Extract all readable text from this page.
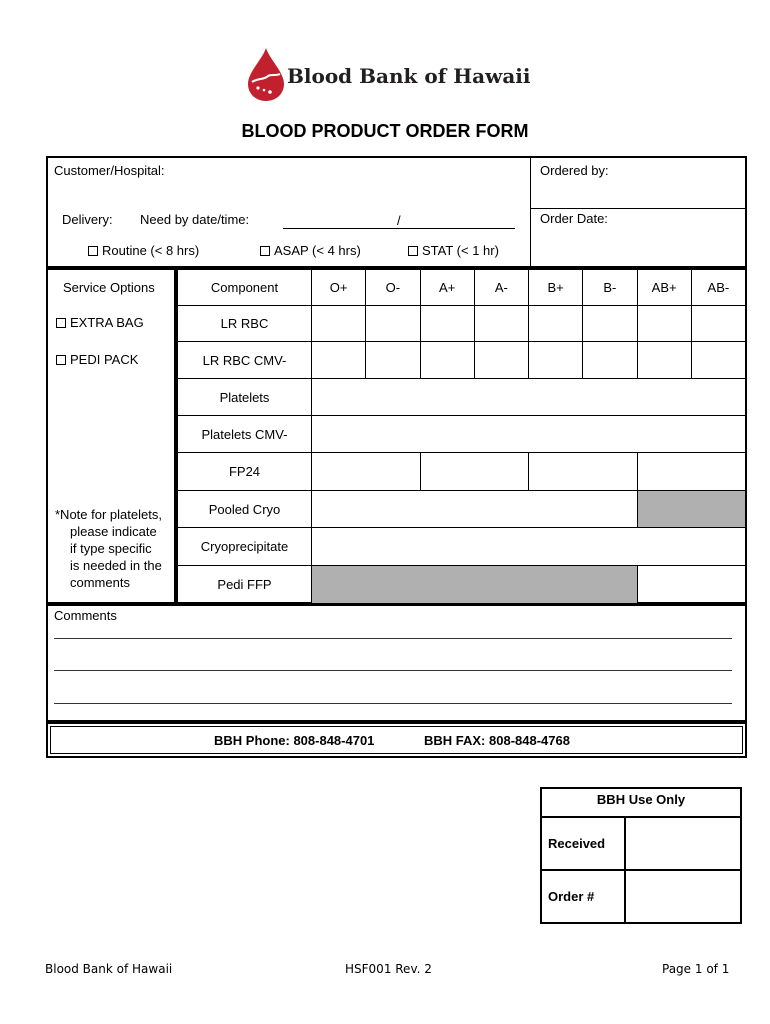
Blood Bank of Hawaii
BLOOD PRODUCT ORDER FORM
Customer/Hospital:	Ordered by:
Delivery: Need by date/time:	/	Order Date:
Routine (< 8 hrs)	ASAP (< 4 hrs)	STAT (< 1 hr)
Service Options
EXTRA BAG
PEDI PACK
*Note for platelets,
please indicate
if type specific
is needed in the
comments
Component	O+	O-	A+	A-	B+	B-	AB+	AB-
LR RBC
LR RBC CMV-
Platelets
Platelets CMV-
FP24
Pooled Cryo
Cryoprecipitate
Pedi FFP
Comments
BBH Phone: 808-848-4701	BBH FAX: 808-848-4768
BBH Use Only
Received
Order #
Blood Bank of Hawaii	HSF001 Rev. 2	Page 1 of 1
